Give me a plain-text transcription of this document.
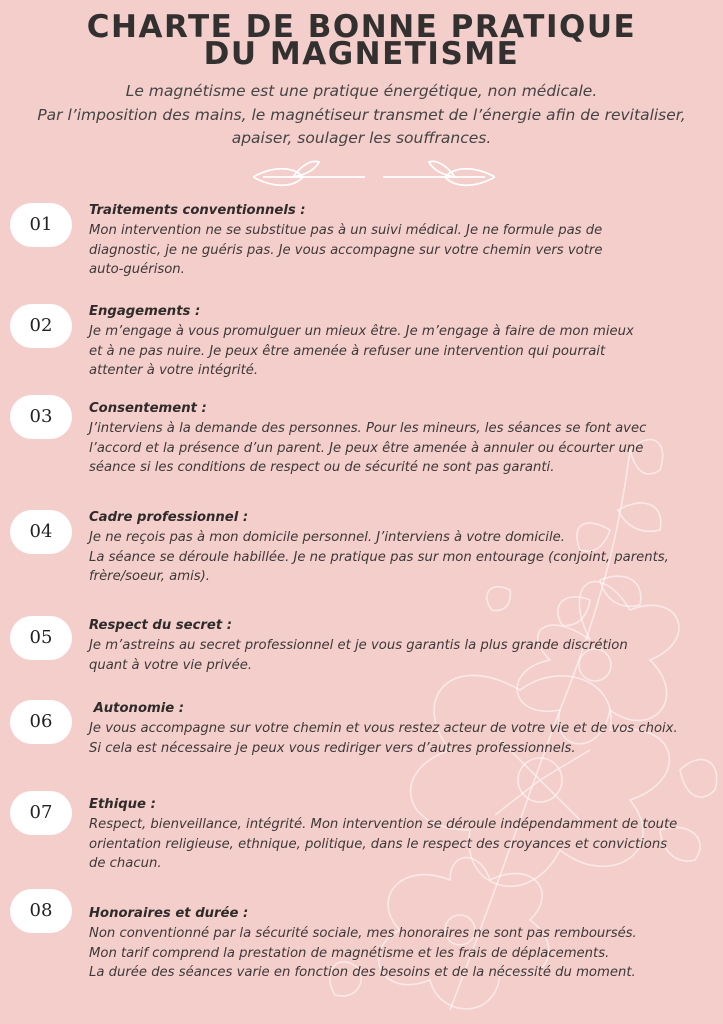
CHARTE DE BONNE PRATIQUE
DU MAGNETISME
Le magnétisme est une pratique énergétique, non médicale.
Par l’imposition des mains, le magnétiseur transmet de l’énergie afin de revitaliser,
apaiser, soulager les souffrances.
01
Traitements conventionnels :
Mon intervention ne se substitue pas à un suivi médical. Je ne formule pas de
diagnostic, je ne guéris pas. Je vous accompagne sur votre chemin vers votre
auto-guérison.
02
Engagements :
Je m’engage à vous promulguer un mieux être. Je m’engage à faire de mon mieux
et à ne pas nuire. Je peux être amenée à refuser une intervention qui pourrait
attenter à votre intégrité.
03	Consentement :
J’interviens à la demande des personnes. Pour les mineurs, les séances se font avec
l’accord et la présence d’un parent. Je peux être amenée à annuler ou écourter une
séance si les conditions de respect ou de sécurité ne sont pas garanti.
04
Cadre professionnel :
Je ne reçois pas à mon domicile personnel. J’interviens à votre domicile.
La séance se déroule habillée. Je ne pratique pas sur mon entourage (conjoint, parents,
frère/soeur, amis).
05
Respect du secret :
Je m’astreins au secret professionnel et je vous garantis la plus grande discrétion
quant à votre vie privée.
06
Autonomie :
Je vous accompagne sur votre chemin et vous restez acteur de votre vie et de vos choix.
Si cela est nécessaire je peux vous rediriger vers d’autres professionnels.
07	Ethique :
Respect, bienveillance, intégrité. Mon intervention se déroule indépendamment de toute
orientation religieuse, ethnique, politique, dans le respect des croyances et convictions
de chacun.
08	Honoraires et durée :
Non conventionné par la sécurité sociale, mes honoraires ne sont pas remboursés.
Mon tarif comprend la prestation de magnétisme et les frais de déplacements.
La durée des séances varie en fonction des besoins et de la nécessité du moment.
